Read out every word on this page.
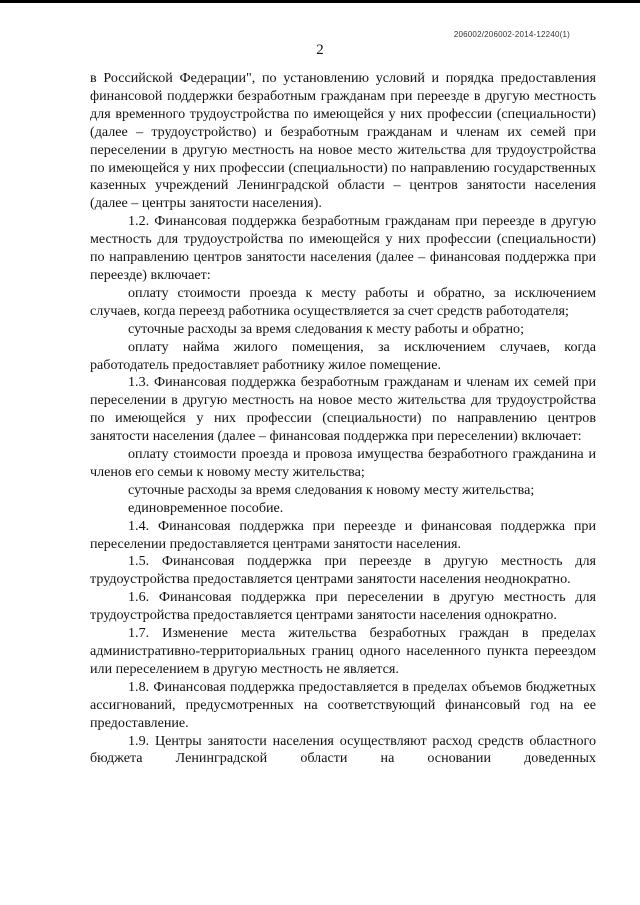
206002/206002-2014-12240(1)
2

в Российской Федерации", по установлению условий и порядка предоставления финансовой поддержки безработным гражданам при переезде в другую местность для временного трудоустройства по имеющейся у них профессии (специальности) (далее – трудоустройство) и безработным гражданам и членам их семей при переселении в другую местность на новое место жительства для трудоустройства по имеющейся у них профессии (специальности) по направлению государственных казенных учреждений Ленинградской области – центров занятости населения (далее – центры занятости населения).

1.2. Финансовая поддержка безработным гражданам при переезде в другую местность для трудоустройства по имеющейся у них профессии (специальности) по направлению центров занятости населения (далее – финансовая поддержка при переезде) включает:

оплату стоимости проезда к месту работы и обратно, за исключением случаев, когда переезд работника осуществляется за счет средств работодателя;

суточные расходы за время следования к месту работы и обратно;

оплату найма жилого помещения, за исключением случаев, когда работодатель предоставляет работнику жилое помещение.

1.3. Финансовая поддержка безработным гражданам и членам их семей при переселении в другую местность на новое место жительства для трудоустройства по имеющейся у них профессии (специальности) по направлению центров занятости населения (далее – финансовая поддержка при переселении) включает:

оплату стоимости проезда и провоза имущества безработного гражданина и членов его семьи к новому месту жительства;

суточные расходы за время следования к новому месту жительства;

единовременное пособие.

1.4. Финансовая поддержка при переезде и финансовая поддержка при переселении предоставляется центрами занятости населения.

1.5. Финансовая поддержка при переезде в другую местность для трудоустройства предоставляется центрами занятости населения неоднократно.

1.6. Финансовая поддержка при переселении в другую местность для трудоустройства предоставляется центрами занятости населения однократно.

1.7. Изменение места жительства безработных граждан в пределах административно-территориальных границ одного населенного пункта переездом или переселением в другую местность не является.

1.8. Финансовая поддержка предоставляется в пределах объемов бюджетных ассигнований, предусмотренных на соответствующий финансовый год на ее предоставление.

1.9. Центры занятости населения осуществляют расход средств областного бюджета Ленинградской области на основании доведенных
